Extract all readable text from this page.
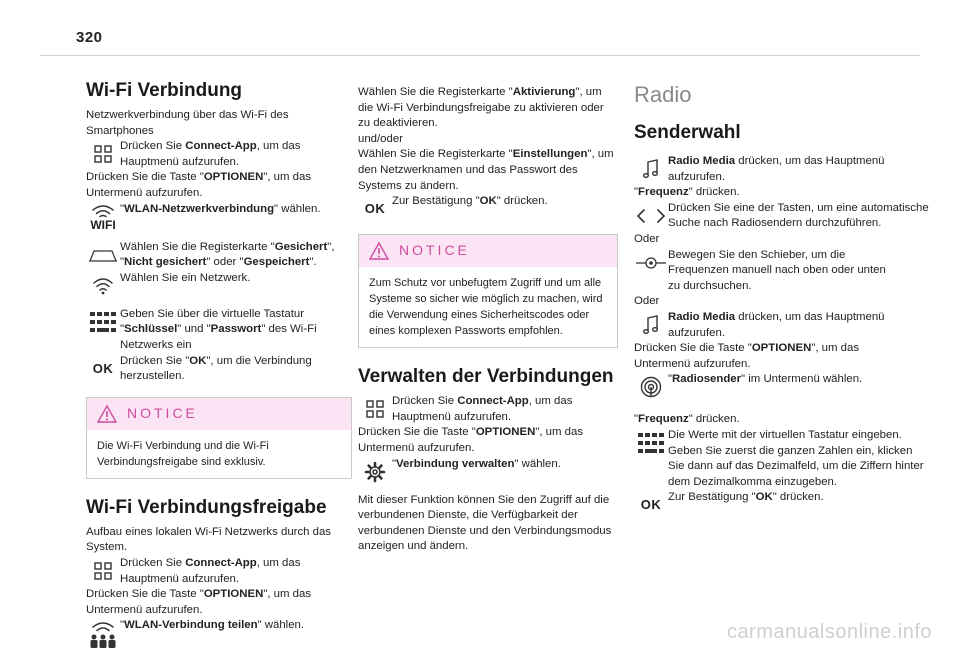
320
Wi-Fi Verbindung

Netzwerkverbindung über das Wi-Fi des Smartphones

Drücken Sie Connect-App, um das Hauptmenü aufzurufen.

Drücken Sie die Taste "OPTIONEN", um das Untermenü aufzurufen.

WIFI

"WLAN-Netzwerkverbindung" wählen.

Wählen Sie die Registerkarte "Gesichert", "Nicht gesichert" oder "Gespeichert".

Wählen Sie ein Netzwerk.

Geben Sie über die virtuelle Tastatur "Schlüssel" und "Passwort" des Wi-Fi Netzwerks ein

OK

Drücken Sie "OK", um die Verbindung herzustellen.

NOTICE
Die Wi-Fi Verbindung und die Wi-Fi Verbindungsfreigabe sind exklusiv.
Wi-Fi Verbindungsfreigabe

Aufbau eines lokalen Wi-Fi Netzwerks durch das System.

Drücken Sie Connect-App, um das Hauptmenü aufzurufen.

Drücken Sie die Taste "OPTIONEN", um das Untermenü aufzurufen.

"WLAN-Verbindung teilen" wählen.

Wählen Sie die Registerkarte "Aktivierung", um die Wi-Fi Verbindungsfreigabe zu aktivieren oder zu deaktivieren.

und/oder

Wählen Sie die Registerkarte "Einstellungen", um den Netzwerknamen und das Passwort des Systems zu ändern.

OK

Zur Bestätigung "OK" drücken.

NOTICE
Zum Schutz vor unbefugtem Zugriff und um alle Systeme so sicher wie möglich zu machen, wird die Verwendung eines Sicherheitscodes oder eines komplexen Passworts empfohlen.
Verwalten der Verbindungen

Drücken Sie Connect-App, um das Hauptmenü aufzurufen.

Drücken Sie die Taste "OPTIONEN", um das Untermenü aufzurufen.

"Verbindung verwalten" wählen.

Mit dieser Funktion können Sie den Zugriff auf die verbundenen Dienste, die Verfügbarkeit der verbundenen Dienste und den Verbindungsmodus anzeigen und ändern.

Radio
Senderwahl

Radio Media drücken, um das Hauptmenü aufzurufen.

"Frequenz" drücken.

Drücken Sie eine der Tasten, um eine automatische Suche nach Radiosendern durchzuführen.

Oder

Bewegen Sie den Schieber, um die Frequenzen manuell nach oben oder unten zu durchsuchen.

Oder

Radio Media drücken, um das Hauptmenü aufzurufen.

Drücken Sie die Taste "OPTIONEN", um das Untermenü aufzurufen.

"Radiosender" im Untermenü wählen.

"Frequenz" drücken.

Die Werte mit der virtuellen Tastatur eingeben. Geben Sie zuerst die ganzen Zahlen ein, klicken Sie dann auf das Dezimalfeld, um die Ziffern hinter dem Dezimalkomma einzugeben.

OK

Zur Bestätigung "OK" drücken.

carmanualsonline.info
